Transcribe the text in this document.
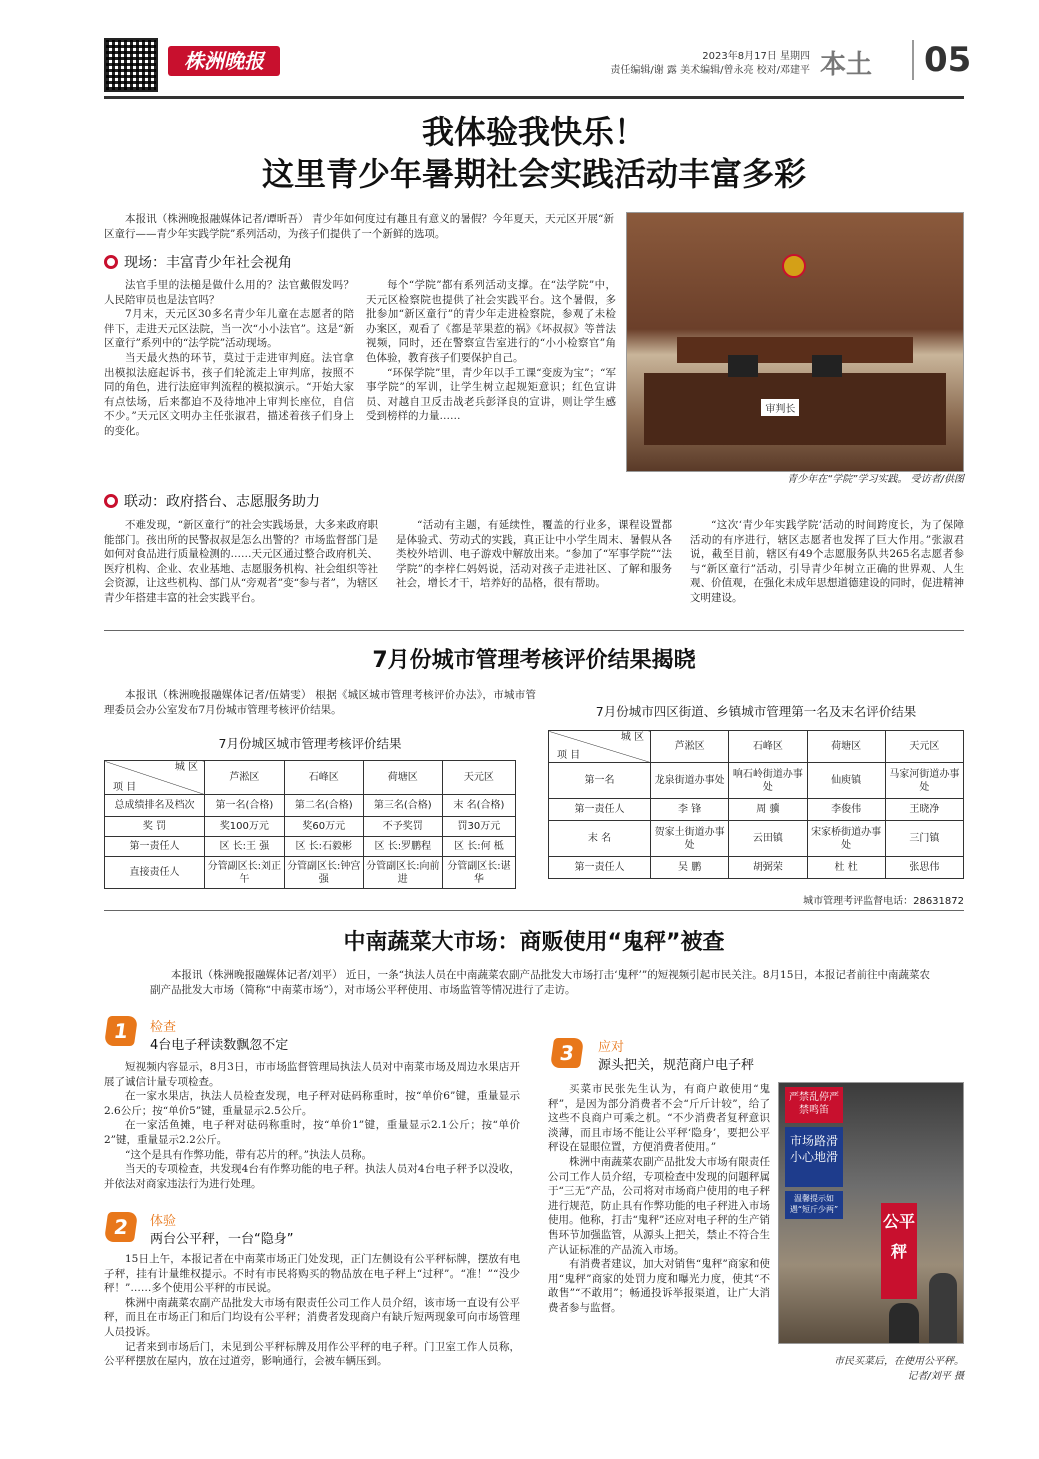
株洲晚报	2023年8月17日 星期四
责任编辑/谢 露 美术编辑/曾永亮 校对/邓建平 本土	05
我体验我快乐！
这里青少年暑期社会实践活动丰富多彩

本报讯（株洲晚报融媒体记者/谭昕吾） 青少年如何度过有趣且有意义的暑假？今年夏天，天元区开展“新区童行——青少年实践学院”系列活动，为孩子们提供了一个新鲜的选项。

现场：丰富青少年社会视角

法官手里的法槌是做什么用的？法官戴假发吗？人民陪审员也是法官吗？

7月末，天元区30多名青少年儿童在志愿者的陪伴下，走进天元区法院，当一次“小小法官”。这是“新区童行”系列中的“法学院”活动现场。

当天最火热的环节，莫过于走进审判庭。法官拿出模拟法庭起诉书，孩子们轮流走上审判席，按照不同的角色，进行法庭审判流程的模拟演示。“开始大家有点怯场，后来都迫不及待地冲上审判长座位，自信不少。”天元区文明办主任张淑君，描述着孩子们身上的变化。

每个“学院”都有系列活动支撑。在“法学院”中，天元区检察院也提供了社会实践平台。这个暑假，多批参加“新区童行”的青少年走进检察院，参观了未检办案区，观看了《都是苹果惹的祸》《坏叔叔》等普法视频，同时，还在警察宣告室进行的“小小检察官”角色体验，教育孩子们要保护自己。

“环保学院”里，青少年以手工课“变废为宝”；“军事学院”的军训，让学生树立起规矩意识；红色宣讲员、对越自卫反击战老兵彭泽良的宣讲，则让学生感受到榜样的力量……

审判长
青少年在“学院”学习实践。 受访者/供图
联动：政府搭台、志愿服务助力

不难发现，“新区童行”的社会实践场景，大多来政府职能部门。孩出所的民警叔叔是怎么出警的？市场监督部门是如何对食品进行质量检测的……天元区通过整合政府机关、医疗机构、企业、农业基地、志愿服务机构、社会组织等社会资源，让这些机构、部门从“旁观者”变“参与者”，为辖区青少年搭建丰富的社会实践平台。

“活动有主题，有延续性，覆盖的行业多，课程设置都是体验式、劳动式的实践，真正让中小学生周末、暑假从各类校外培训、电子游戏中解放出来。“参加了“军事学院”“法学院”的李梓仁妈妈说，活动对孩子走进社区、了解和服务社会，增长才干，培养好的品格，很有帮助。

“这次‘青少年实践学院’活动的时间跨度长，为了保障活动的有序进行，辖区志愿者也发挥了巨大作用。”张淑君说，截至目前，辖区有49个志愿服务队共265名志愿者参与“新区童行”活动，引导青少年树立正确的世界观、人生观、价值观，在强化未成年思想道德建设的同时，促进精神文明建设。

7月份城市管理考核评价结果揭晓

本报讯（株洲晚报融媒体记者/伍婧雯） 根据《城区城市管理考核评价办法》，市城市管理委员会办公室发布7月份城市管理考核评价结果。

7月份城区城市管理考核评价结果
城 区
项 目	芦淞区	石峰区	荷塘区	天元区
总成绩排名及档次	第一名(合格)	第二名(合格)	第三名(合格)	末 名(合格)
奖 罚	奖100万元	奖60万元	不予奖罚	罚30万元
第一责任人	区 长:王 强	区 长:石毅彬	区 长:罗鹏程	区 长:何 柢
直接责任人	分管副区长:刘正午	分管副区长:钟宫强	分管副区长:向前进	分管副区长:谌 华
7月份城市四区街道、乡镇城市管理第一名及末名评价结果
城 区
项 目	芦淞区	石峰区	荷塘区	天元区
第一名	龙泉街道办事处	响石岭街道办事处	仙庾镇	马家河街道办事处
第一责任人	李 锋	周 骥	李俊伟	王晓净
末 名	贺家土街道办事处	云田镇	宋家桥街道办事处	三门镇
第一责任人	吴 鹏	胡弼荣	杜 杜	张思伟
城市管理考评监督电话：28631872
中南蔬菜大市场：商贩使用“鬼秤”被查

本报讯（株洲晚报融媒体记者/刘平） 近日，一条“执法人员在中南蔬菜农副产品批发大市场打击‘鬼秤’”的短视频引起市民关注。8月15日，本报记者前往中南蔬菜农副产品批发大市场（简称“中南菜市场”），对市场公平秤使用、市场监管等情况进行了走访。

1	检查
4台电子秤读数飘忽不定

短视频内容显示，8月3日，市市场监督管理局执法人员对中南菜市场及周边水果店开展了诚信计量专项检查。

在一家水果店，执法人员检查发现，电子秤对砝码称重时，按“单价6”键，重量显示2.6公斤；按“单价5”键，重量显示2.5公斤。

在一家活鱼摊，电子秤对砝码称重时，按“单价1”键，重量显示2.1公斤；按“单价2”键，重量显示2.2公斤。

“这个是具有作弊功能，带有芯片的秤。”执法人员称。

当天的专项检查，共发现4台有作弊功能的电子秤。执法人员对4台电子秤予以没收，并依法对商家违法行为进行处理。

2	体验
两台公平秤，一台“隐身”

15日上午，本报记者在中南菜市场正门处发现，正门左侧设有公平秤标牌，摆放有电子秤，挂有计量维权提示。不时有市民将购买的物品放在电子秤上“过秤”。“准！”“没少秤！”……多个使用公平秤的市民说。

株洲中南蔬菜农副产品批发大市场有限责任公司工作人员介绍，该市场一直设有公平秤，而且在市场正门和后门均设有公平秤；消费者发现商户有缺斤短两现象可向市场管理人员投诉。

记者来到市场后门，未见到公平秤标牌及用作公平秤的电子秤。门卫室工作人员称，公平秤摆放在屋内，放在过道旁，影响通行，会被车辆压到。

3	应对
源头把关，规范商户电子秤

买菜市民张先生认为，有商户敢使用“鬼秤”，是因为部分消费者不会“斤斤计较”，给了这些不良商户可乘之机。“不少消费者复秤意识淡薄，而且市场不能让公平秤‘隐身’，要把公平秤设在显眼位置，方便消费者使用。”

株洲中南蔬菜农副产品批发大市场有限责任公司工作人员介绍，专项检查中发现的问题秤属于“三无”产品，公司将对市场商户使用的电子秤进行规范，防止具有作弊功能的电子秤进入市场使用。他称，打击“鬼秤”还应对电子秤的生产销售环节加强监管，从源头上把关，禁止不符合生产认证标准的产品流入市场。

有消费者建议，加大对销售“鬼秤”商家和使用“鬼秤”商家的处罚力度和曝光力度，使其“不敢售”“不敢用”；畅通投诉举报渠道，让广大消费者参与监督。

严禁乱停严禁鸣笛
市场路滑小心地滑
温馨提示如遇“短斤少两”
公平秤
市民买菜后，在使用公平秤。
记者/刘平 摄
